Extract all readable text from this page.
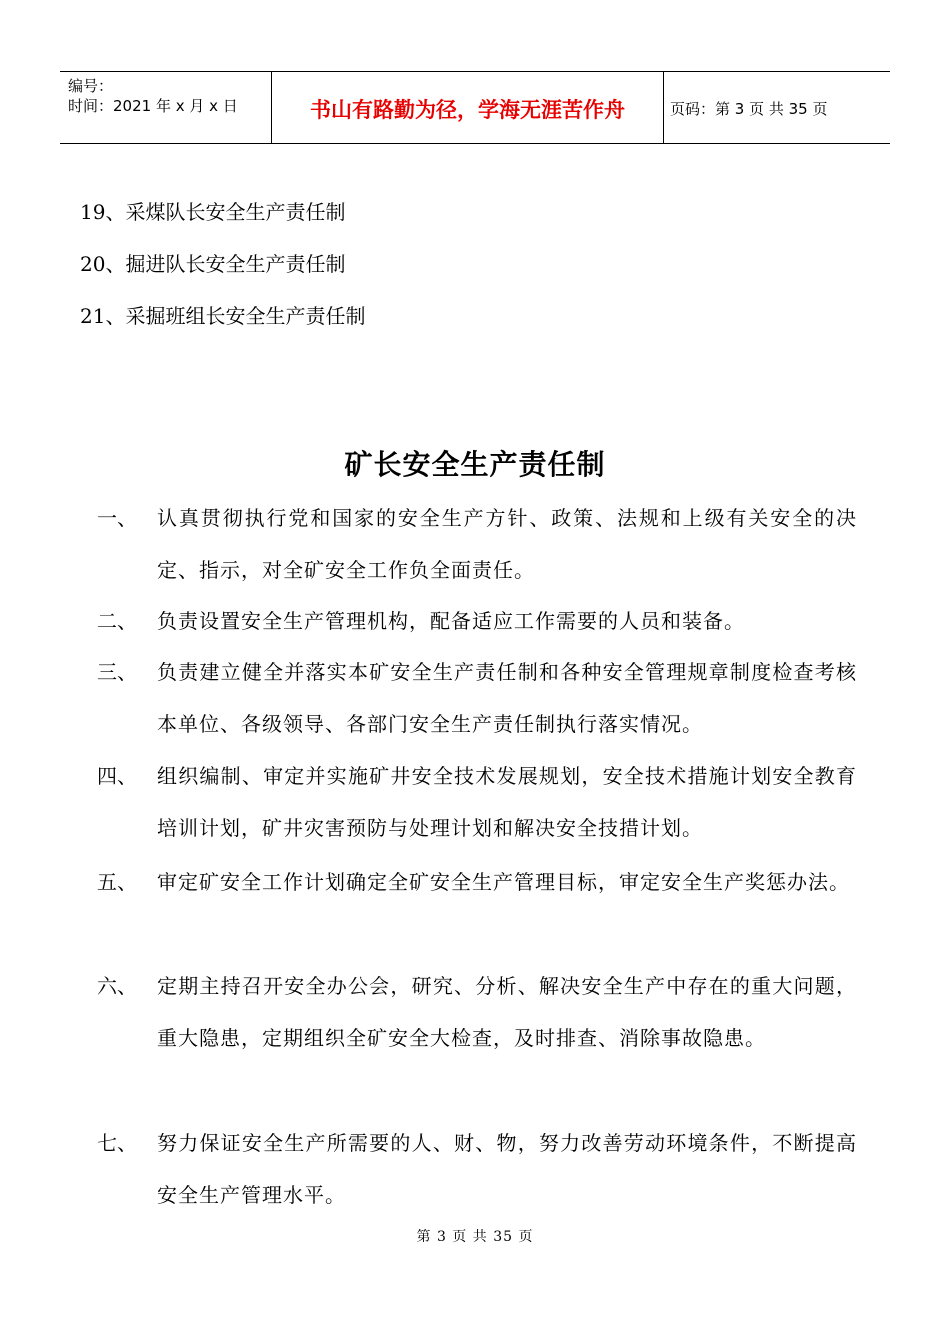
编号：
时间：2021 年 x 月 x 日	书山有路勤为径，学海无涯苦作舟	页码：第 3 页 共 35 页
19、采煤队长安全生产责任制
20、掘进队长安全生产责任制
21、采掘班组长安全生产责任制
矿长安全生产责任制
一、 认真贯彻执行党和国家的安全生产方针、政策、法规和上级有关安全的决定、指示，对全矿安全工作负全面责任。
二、 负责设置安全生产管理机构，配备适应工作需要的人员和装备。
三、 负责建立健全并落实本矿安全生产责任制和各种安全管理规章制度检查考核本单位、各级领导、各部门安全生产责任制执行落实情况。
四、 组织编制、审定并实施矿井安全技术发展规划，安全技术措施计划安全教育培训计划，矿井灾害预防与处理计划和解决安全技措计划。
五、 审定矿安全工作计划确定全矿安全生产管理目标，审定安全生产奖惩办法。
六、 定期主持召开安全办公会，研究、分析、解决安全生产中存在的重大问题，重大隐患，定期组织全矿安全大检查，及时排查、消除事故隐患。
七、 努力保证安全生产所需要的人、财、物，努力改善劳动环境条件，不断提高安全生产管理水平。
第 3 页 共 35 页
